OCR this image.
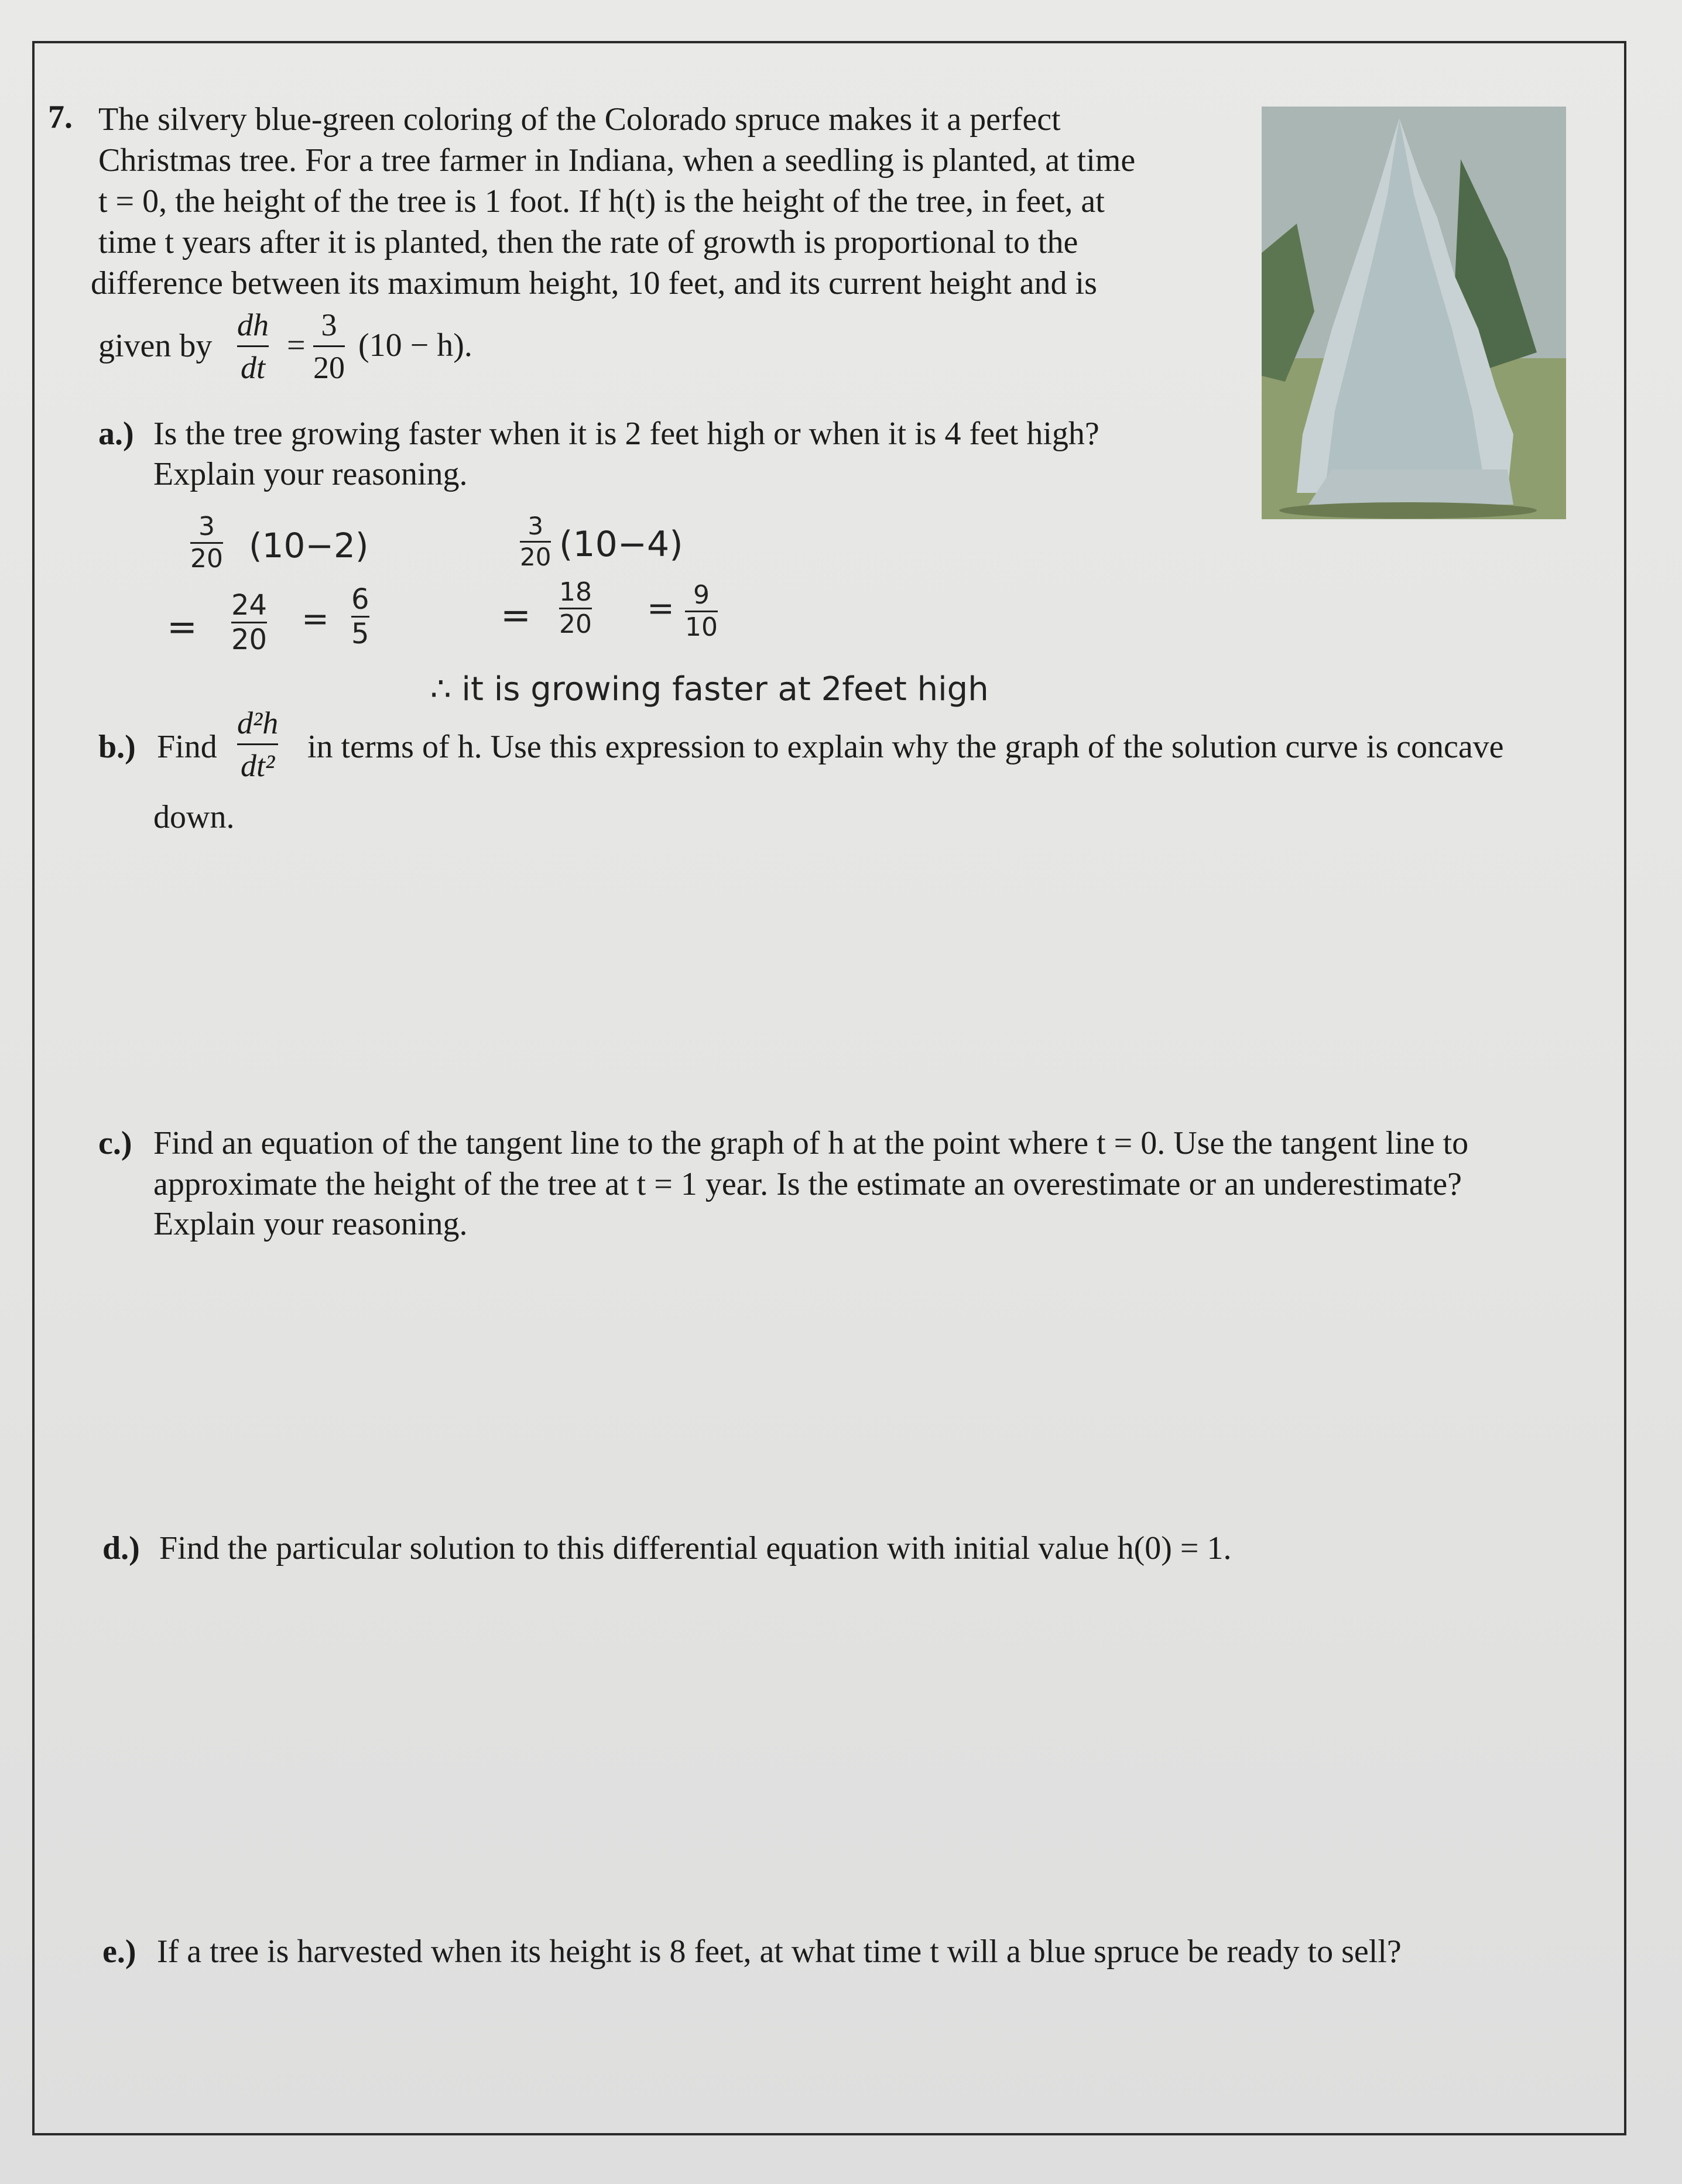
7. The silvery blue-green coloring of the Colorado spruce makes it a perfect
Christmas tree. For a tree farmer in Indiana, when a seedling is planted, at time
t = 0, the height of the tree is 1 foot. If h(t) is the height of the tree, in feet, at
time t years after it is planted, then the rate of growth is proportional to the
difference between its maximum height, 10 feet, and its current height and is
given by
dh
dt
=
3
20
(10 − h).
a.) Is the tree growing faster when it is 2 feet high or when it is 4 feet high?
Explain your reasoning.
3
20 (10−2)
= 24
20
=
6
5
3
20 (10−4)
=
18
20 = 9
10
∴ it is growing faster at 2feet high
b.) Find
d²h
dt²
in terms of h. Use this expression to explain why the graph of the solution curve is concave
down.
c.) Find an equation of the tangent line to the graph of h at the point where t = 0. Use the tangent line to
approximate the height of the tree at t = 1 year. Is the estimate an overestimate or an underestimate?
Explain your reasoning.
d.) Find the particular solution to this differential equation with initial value h(0) = 1.
e.) If a tree is harvested when its height is 8 feet, at what time t will a blue spruce be ready to sell?
